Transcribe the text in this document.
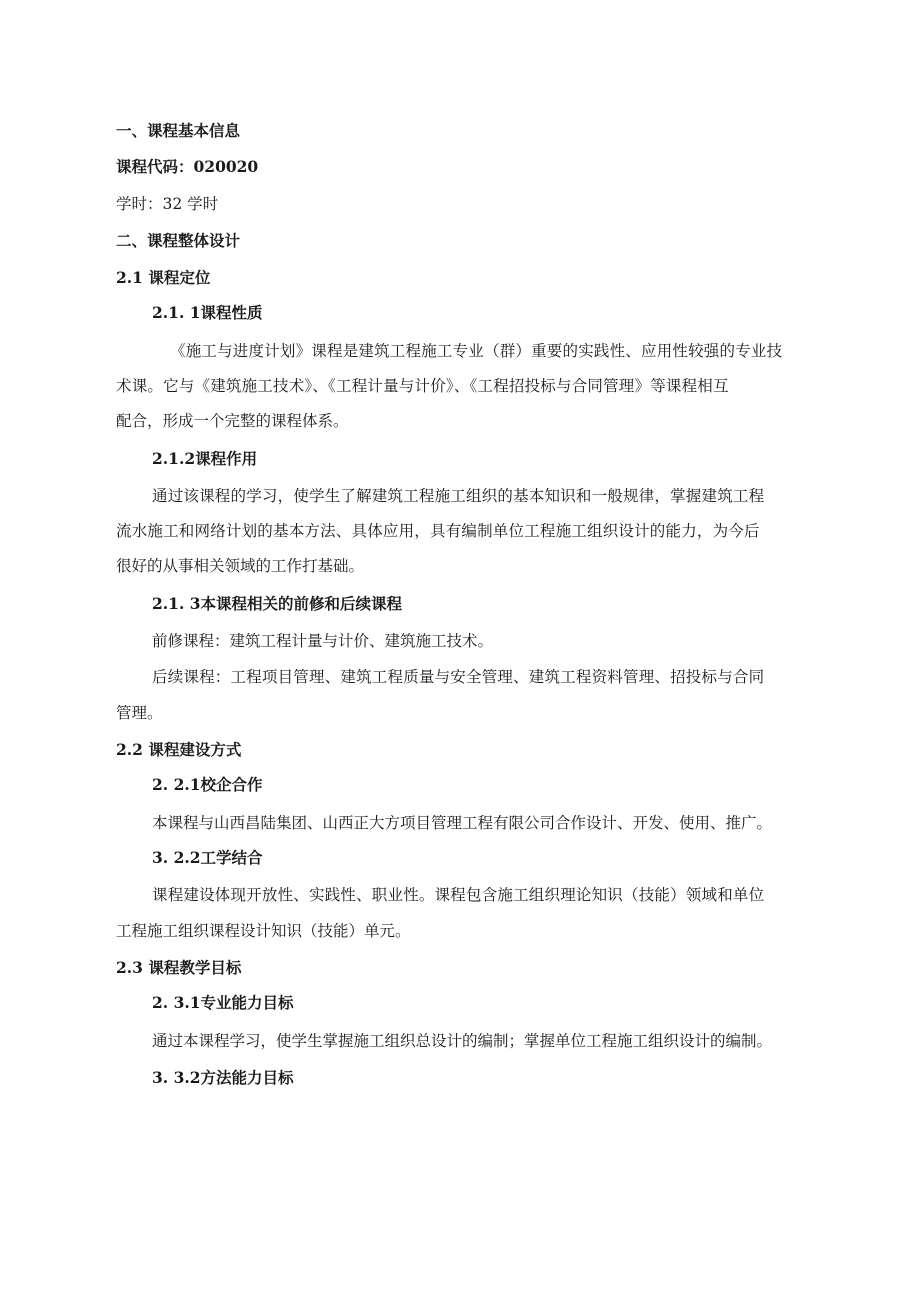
一、课程基本信息
课程代码：020020
学时：32 学时
二、课程整体设计
2.1 课程定位
2.1. 1课程性质
《施工与进度计划》课程是建筑工程施工专业（群）重要的实践性、应用性较强的专业技
术课。它与《建筑施工技术》、《工程计量与计价》、《工程招投标与合同管理》等课程相互
配合，形成一个完整的课程体系。
2.1.2课程作用
通过该课程的学习，使学生了解建筑工程施工组织的基本知识和一般规律，掌握建筑工程
流水施工和网络计划的基本方法、具体应用，具有编制单位工程施工组织设计的能力，为今后
很好的从事相关领域的工作打基础。
2.1. 3本课程相关的前修和后续课程
前修课程：建筑工程计量与计价、建筑施工技术。
后续课程：工程项目管理、建筑工程质量与安全管理、建筑工程资料管理、招投标与合同
管理。
2.2 课程建设方式
2. 2.1校企合作
本课程与山西昌陆集团、山西正大方项目管理工程有限公司合作设计、开发、使用、推广。
3. 2.2工学结合
课程建设体现开放性、实践性、职业性。课程包含施工组织理论知识（技能）领域和单位
工程施工组织课程设计知识（技能）单元。
2.3 课程教学目标
2. 3.1专业能力目标
通过本课程学习，使学生掌握施工组织总设计的编制；掌握单位工程施工组织设计的编制。
3. 3.2方法能力目标
